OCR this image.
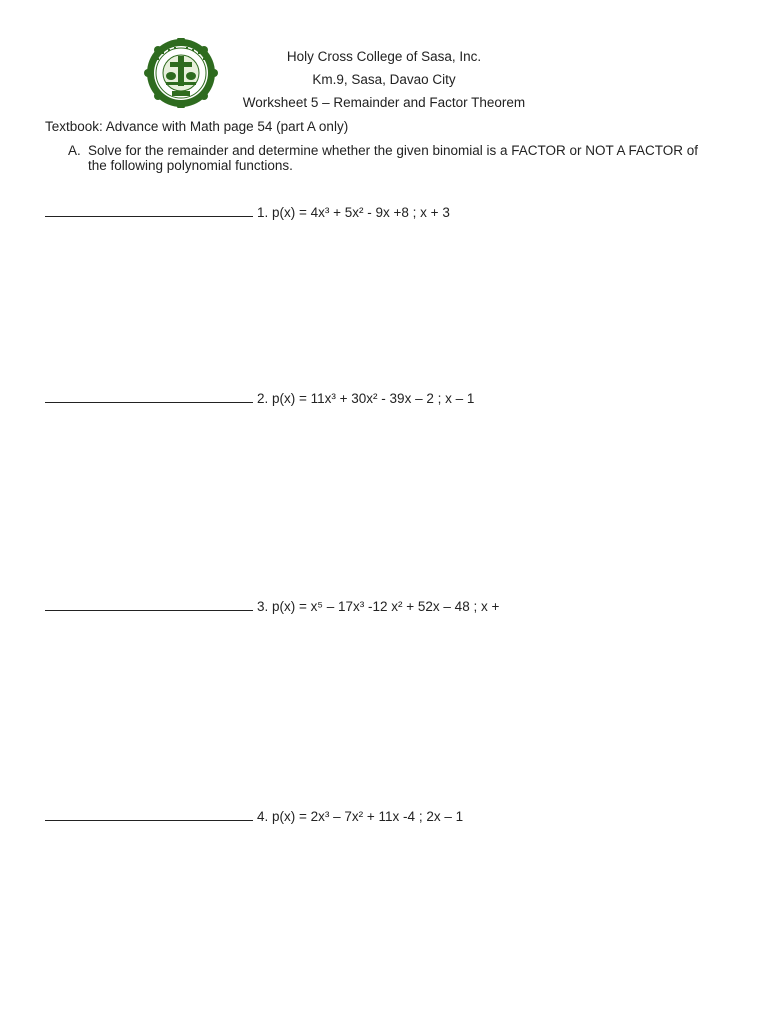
Holy Cross College of Sasa, Inc.
Km.9, Sasa, Davao City
Worksheet 5 – Remainder and Factor Theorem
Textbook: Advance with Math page 54 (part A only)
A. Solve for the remainder and determine whether the given binomial is a FACTOR or NOT A FACTOR of the following polynomial functions.
1. p(x) = 4x³ + 5x² - 9x +8 ; x + 3
2. p(x) = 11x³ + 30x² - 39x – 2 ; x – 1
3. p(x) = x⁵ – 17x³ -12 x² + 52x – 48 ; x +
4. p(x) = 2x³ – 7x² + 11x -4 ; 2x – 1
